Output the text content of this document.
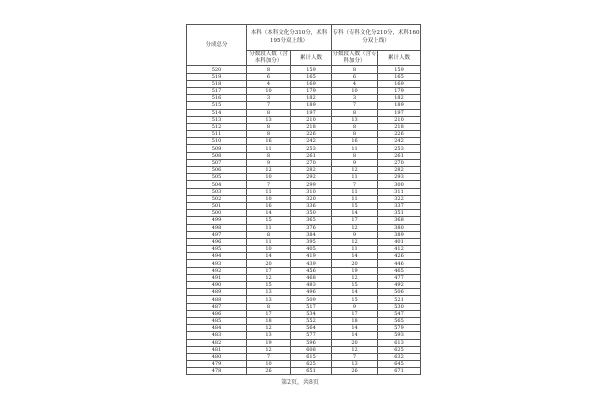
分成总分	本科（本科文化分310分，术科195分双上线）		专科（专科文化分210分，术科160分双上线）	
	分数段人数（含本科加分）	累计人数	分数段人数（含专科加分）	累计人数
520	8	159	8	159
519	6	165	6	165
518	4	169	4	169
517	10	179	10	179
516	3	182	3	182
515	7	189	7	189
514	8	197	8	197
513	13	210	13	210
512	8	218	8	218
511	8	226	8	226
510	16	242	16	242
509	11	253	11	253
508	8	261	8	261
507	9	270	9	270
506	12	282	12	282
505	10	292	11	293
504	7	299	7	300
503	11	310	11	311
502	10	320	11	322
501	16	336	15	337
500	14	350	14	351
499	15	365	17	368
498	11	376	12	380
497	8	384	9	389
496	11	395	12	401
495	10	405	11	412
494	14	419	14	426
493	20	439	20	446
492	17	456	19	465
491	12	468	12	477
490	15	483	15	492
489	13	496	14	506
488	13	509	15	521
487	8	517	9	530
486	17	534	17	547
485	18	552	18	565
484	12	564	14	579
483	13	577	14	593
482	19	596	20	613
481	12	608	12	625
480	7	615	7	632
479	10	625	13	645
478	26	651	26	671
第2页，共8页
